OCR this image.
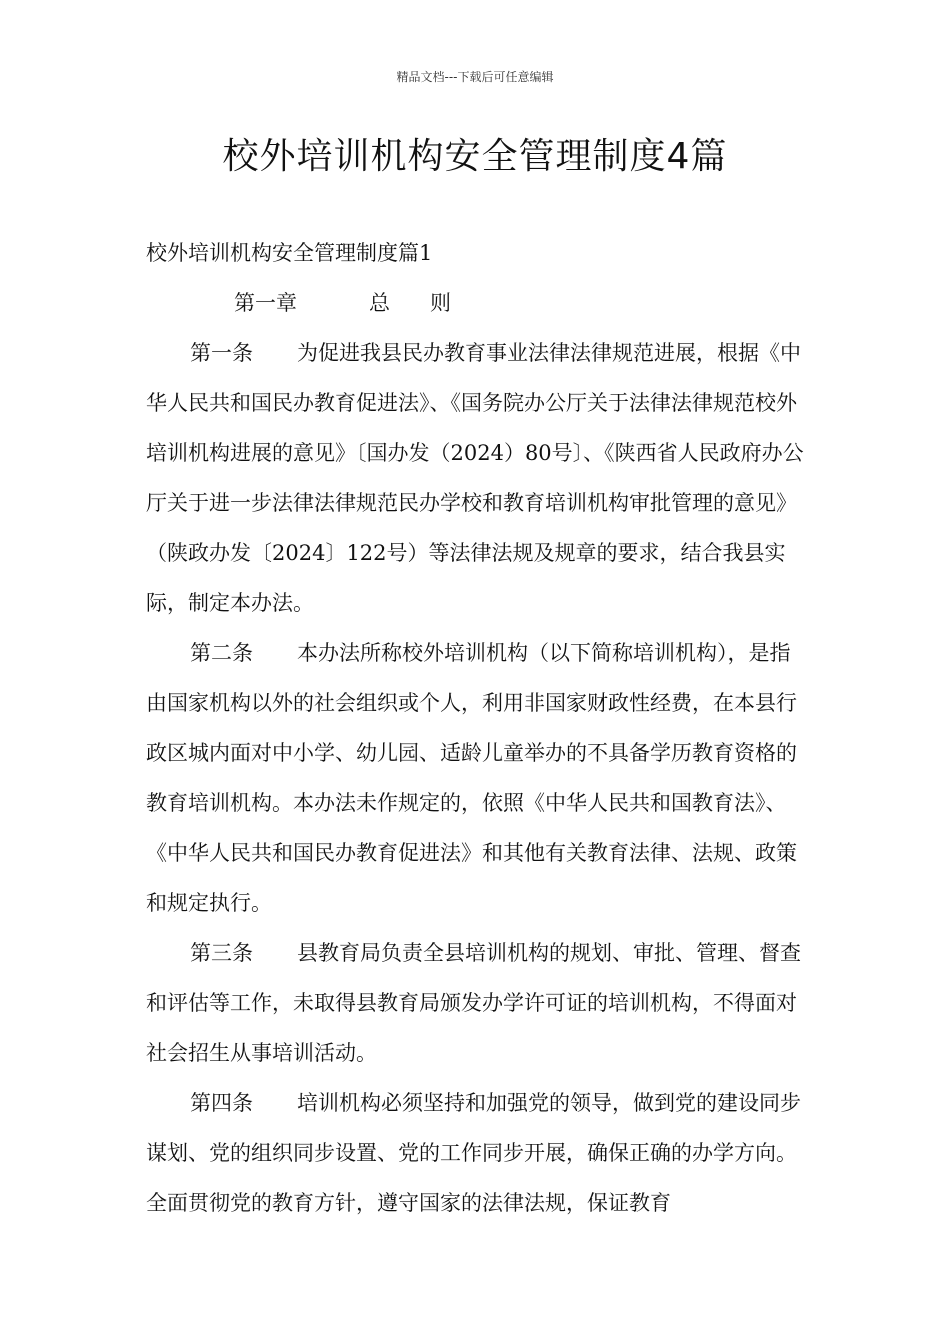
精品文档---下载后可任意编辑
校外培训机构安全管理制度4篇

校外培训机构安全管理制度篇1

第一章	总 则

第一条 为促进我县民办教育事业法律法律规范进展，根据《中华人民共和国民办教育促进法》、《国务院办公厅关于法律法律规范校外培训机构进展的意见》〔国办发（2024）80号〕、《陕西省人民政府办公厅关于进一步法律法律规范民办学校和教育培训机构审批管理的意见》（陕政办发〔2024〕122号）等法律法规及规章的要求，结合我县实际，制定本办法。

第二条 本办法所称校外培训机构（以下简称培训机构），是指由国家机构以外的社会组织或个人，利用非国家财政性经费，在本县行政区城内面对中小学、幼儿园、适龄儿童举办的不具备学历教育资格的教育培训机构。本办法未作规定的，依照《中华人民共和国教育法》、《中华人民共和国民办教育促进法》和其他有关教育法律、法规、政策和规定执行。

第三条 县教育局负责全县培训机构的规划、审批、管理、督查和评估等工作，未取得县教育局颁发办学许可证的培训机构，不得面对社会招生从事培训活动。

第四条 培训机构必须坚持和加强党的领导，做到党的建设同步谋划、党的组织同步设置、党的工作同步开展，确保正确的办学方向。全面贯彻党的教育方针，遵守国家的法律法规，保证教育
